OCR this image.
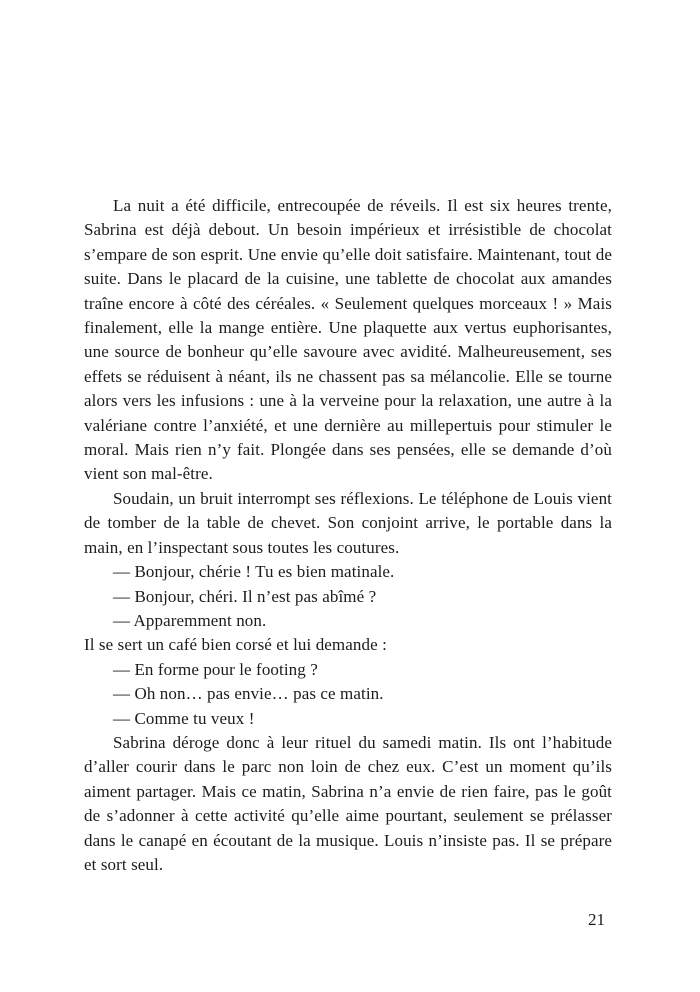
La nuit a été difficile, entrecoupée de réveils. Il est six heures trente, Sabrina est déjà debout. Un besoin impérieux et irrésistible de chocolat s’empare de son esprit. Une envie qu’elle doit satisfaire. Maintenant, tout de suite. Dans le placard de la cuisine, une tablette de chocolat aux amandes traîne encore à côté des céréales. « Seulement quelques morceaux ! » Mais finalement, elle la mange entière. Une plaquette aux vertus euphorisantes, une source de bonheur qu’elle savoure avec avidité. Malheureusement, ses effets se réduisent à néant, ils ne chassent pas sa mélancolie. Elle se tourne alors vers les infusions : une à la verveine pour la relaxation, une autre à la valériane contre l’anxiété, et une dernière au millepertuis pour stimuler le moral. Mais rien n’y fait. Plongée dans ses pensées, elle se demande d’où vient son mal-être.

Soudain, un bruit interrompt ses réflexions. Le téléphone de Louis vient de tomber de la table de chevet. Son conjoint arrive, le portable dans la main, en l’inspectant sous toutes les coutures.

— Bonjour, chérie ! Tu es bien matinale.

— Bonjour, chéri. Il n’est pas abîmé ?

— Apparemment non.

Il se sert un café bien corsé et lui demande :

— En forme pour le footing ?

— Oh non… pas envie… pas ce matin.

— Comme tu veux !

Sabrina déroge donc à leur rituel du samedi matin. Ils ont l’habitude d’aller courir dans le parc non loin de chez eux. C’est un moment qu’ils aiment partager. Mais ce matin, Sabrina n’a envie de rien faire, pas le goût de s’adonner à cette activité qu’elle aime pourtant, seulement se prélasser dans le canapé en écoutant de la musique. Louis n’insiste pas. Il se prépare et sort seul.

21
